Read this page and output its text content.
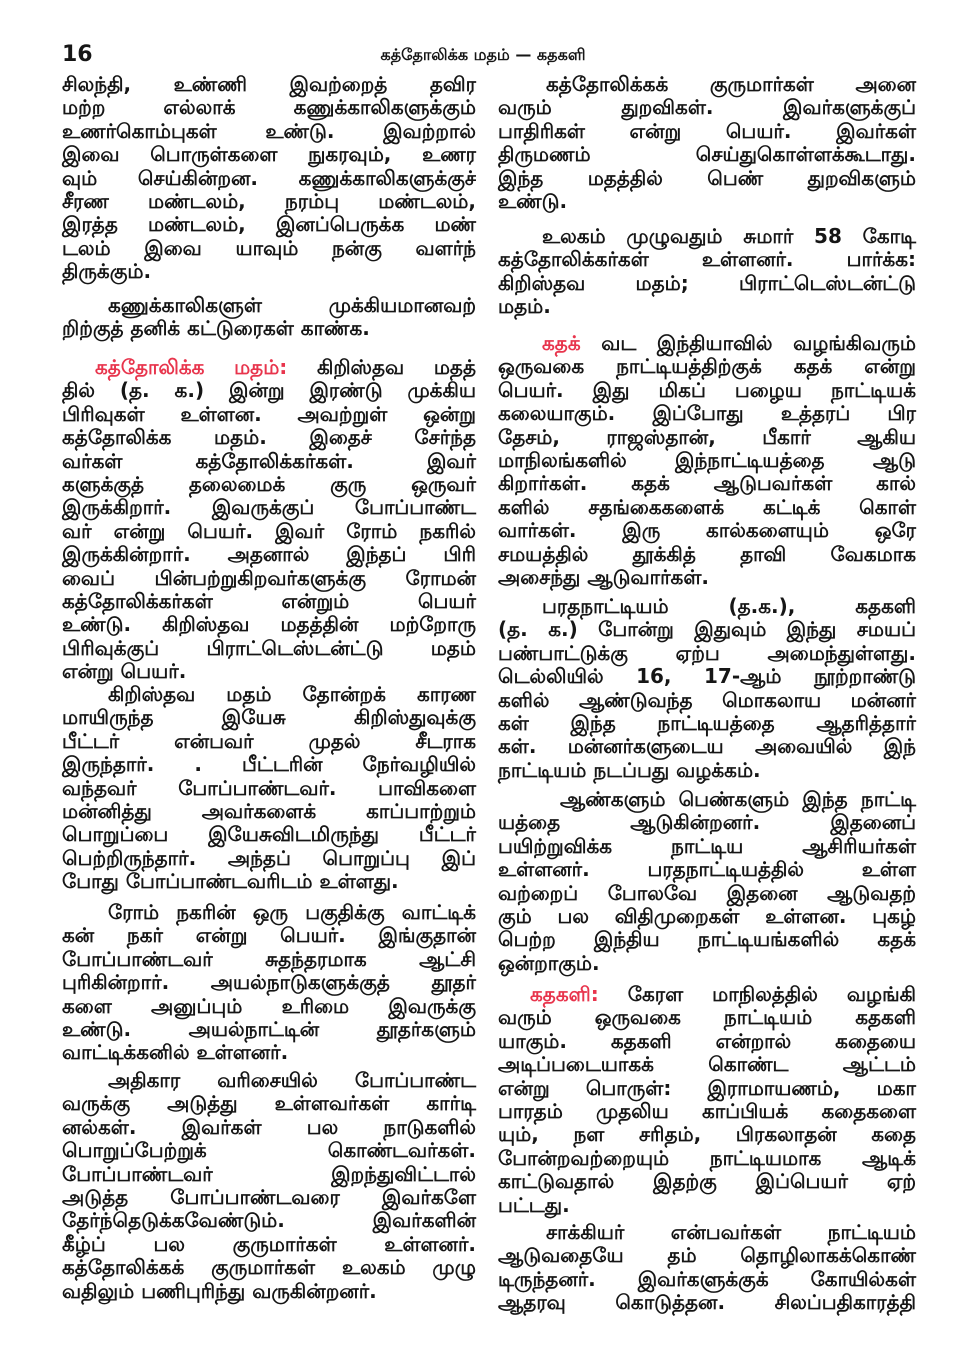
16	கத்தோலிக்க மதம் — கதகளி
சிலந்தி, உண்ணி இவற்றைத் தவிர
மற்ற எல்லாக் கணுக்காலிகளுக்கும்
உணர்கொம்புகள் உண்டு. இவற்றால்
இவை பொருள்களை நுகரவும், உணர
வும் செய்கின்றன. கணுக்காலிகளுக்குச்
சீரண மண்டலம், நரம்பு மண்டலம்,
இரத்த மண்டலம், இனப்பெருக்க மண்
டலம் இவை யாவும் நன்கு வளர்ந்
திருக்கும்.
கணுக்காலிகளுள் முக்கியமானவற்
றிற்குத் தனிக் கட்டுரைகள் காண்க.
கத்தோலிக்க மதம்: கிறிஸ்தவ மதத்
தில் (த. க.) இன்று இரண்டு முக்கிய
பிரிவுகள் உள்ளன. அவற்றுள் ஒன்று
கத்தோலிக்க மதம். இதைச் சேர்ந்த
வர்கள் கத்தோலிக்கர்கள். இவர்
களுக்குத் தலைமைக் குரு ஒருவர்
இருக்கிறார். இவருக்குப் போப்பாண்ட
வர் என்று பெயர். இவர் ரோம் நகரில்
இருக்கின்றார். அதனால் இந்தப் பிரி
வைப் பின்பற்றுகிறவர்களுக்கு ரோமன்
கத்தோலிக்கர்கள் என்றும் பெயர்
உண்டு. கிறிஸ்தவ மதத்தின் மற்றோரு
பிரிவுக்குப் பிராட்டெஸ்டன்ட்டு மதம்
என்று பெயர்.
கிறிஸ்தவ மதம் தோன்றக் காரண
மாயிருந்த இயேசு கிறிஸ்துவுக்கு
பீட்டர் என்பவர் முதல் சீடராக
இருந்தார். . பீட்டரின் நேர்வழியில்
வந்தவர் போப்பாண்டவர். பாவிகளை
மன்னித்து அவர்களைக் காப்பாற்றும்
பொறுப்பை இயேசுவிடமிருந்து பீட்டர்
பெற்றிருந்தார். அந்தப் பொறுப்பு இப்
போது போப்பாண்டவரிடம் உள்ளது.
ரோம் நகரின் ஒரு பகுதிக்கு வாட்டிக்
கன் நகர் என்று பெயர். இங்குதான்
போப்பாண்டவர் சுதந்தரமாக ஆட்சி
புரிகின்றார். அயல்நாடுகளுக்குத் தூதர்
களை அனுப்பும் உரிமை இவருக்கு
உண்டு. அயல்நாட்டின் தூதர்களும்
வாட்டிக்கனில் உள்ளனர்.
அதிகார வரிசையில் போப்பாண்ட
வருக்கு அடுத்து உள்ளவர்கள் கார்டி
னல்கள். இவர்கள் பல நாடுகளில்
பொறுப்பேற்றுக் கொண்டவர்கள்.
போப்பாண்டவர் இறந்துவிட்டால்
அடுத்த போப்பாண்டவரை இவர்களே
தேர்ந்தெடுக்கவேண்டும். இவர்களின்
கீழ்ப் பல குருமார்கள் உள்ளனர்.
கத்தோலிக்கக் குருமார்கள் உலகம் முழு
வதிலும் பணிபுரிந்து வருகின்றனர்.
கத்தோலிக்கக் குருமார்கள் அனை
வரும் துறவிகள். இவர்களுக்குப்
பாதிரிகள் என்று பெயர். இவர்கள்
திருமணம் செய்துகொள்ளக்கூடாது.
இந்த மதத்தில் பெண் துறவிகளும்
உண்டு.
உலகம் முழுவதும் சுமார் 58 கோடி
கத்தோலிக்கர்கள் உள்ளனர். பார்க்க:
கிறிஸ்தவ மதம்; பிராட்டெஸ்டன்ட்டு
மதம்.
கதக் வட இந்தியாவில் வழங்கிவரும்
ஒருவகை நாட்டியத்திற்குக் கதக் என்று
பெயர். இது மிகப் பழைய நாட்டியக்
கலையாகும். இப்போது உத்தரப் பிர
தேசம், ராஜஸ்தான், பீகார் ஆகிய
மாநிலங்களில் இந்நாட்டியத்தை ஆடு
கிறார்கள். கதக் ஆடுபவர்கள் கால்
களில் சதங்கைகளைக் கட்டிக் கொள்
வார்கள். இரு கால்களையும் ஒரே
சமயத்தில் தூக்கித் தாவி வேகமாக
அசைந்து ஆடுவார்கள்.
பரதநாட்டியம் (த.க.), கதகளி
(த. க.) போன்று இதுவும் இந்து சமயப்
பண்பாட்டுக்கு ஏற்ப அமைந்துள்ளது.
டெல்லியில் 16, 17-ஆம் நூற்றாண்டு
களில் ஆண்டுவந்த மொகலாய மன்னர்
கள் இந்த நாட்டியத்தை ஆதரித்தார்
கள். மன்னர்களுடைய அவையில் இந்
நாட்டியம் நடப்பது வழக்கம்.
ஆண்களும் பெண்களும் இந்த நாட்டி
யத்தை ஆடுகின்றனர். இதனைப்
பயிற்றுவிக்க நாட்டிய ஆசிரியர்கள்
உள்ளனர். பரதநாட்டியத்தில் உள்ள
வற்றைப் போலவே இதனை ஆடுவதற்
கும் பல விதிமுறைகள் உள்ளன. புகழ்
பெற்ற இந்திய நாட்டியங்களில் கதக்
ஒன்றாகும்.
கதகளி: கேரள மாநிலத்தில் வழங்கி
வரும் ஒருவகை நாட்டியம் கதகளி
யாகும். கதகளி என்றால் கதையை
அடிப்படையாகக் கொண்ட ஆட்டம்
என்று பொருள்: இராமாயணம், மகா
பாரதம் முதலிய காப்பியக் கதைகளை
யும், நள சரிதம், பிரகலாதன் கதை
போன்றவற்றையும் நாட்டியமாக ஆடிக்
காட்டுவதால் இதற்கு இப்பெயர் ஏற்
பட்டது.
சாக்கியர் என்பவர்கள் நாட்டியம்
ஆடுவதையே தம் தொழிலாகக்கொண்
டிருந்தனர். இவர்களுக்குக் கோயில்கள்
ஆதரவு கொடுத்தன. சிலப்பதிகாரத்தி
